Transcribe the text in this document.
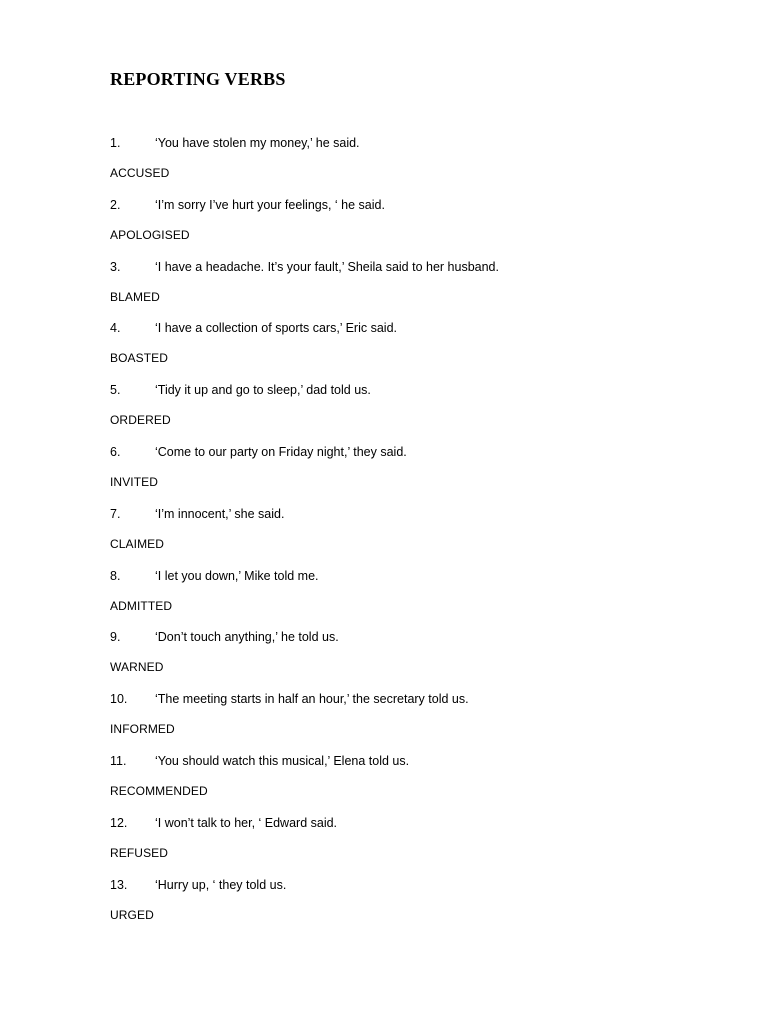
REPORTING VERBS
1.	‘You have stolen my money,’ he said.
ACCUSED
2.	‘I’m sorry I’ve hurt your feelings, ‘ he said.
APOLOGISED
3.	‘I have a headache. It’s your fault,’ Sheila said to her husband.
BLAMED
4.	‘I have a collection of sports cars,’ Eric said.
BOASTED
5.	‘Tidy it up and go to sleep,’ dad told us.
ORDERED
6.	‘Come to our party on Friday night,’ they said.
INVITED
7.	‘I’m innocent,’ she said.
CLAIMED
8.	‘I let you down,’ Mike told me.
ADMITTED
9.	‘Don’t touch anything,’ he told us.
WARNED
10. ‘The meeting starts in half an hour,’ the secretary told us.
INFORMED
11. ‘You should watch this musical,’ Elena told us.
RECOMMENDED
12. ‘I won’t talk to her, ‘ Edward said.
REFUSED
13. ‘Hurry up, ‘ they told us.
URGED
